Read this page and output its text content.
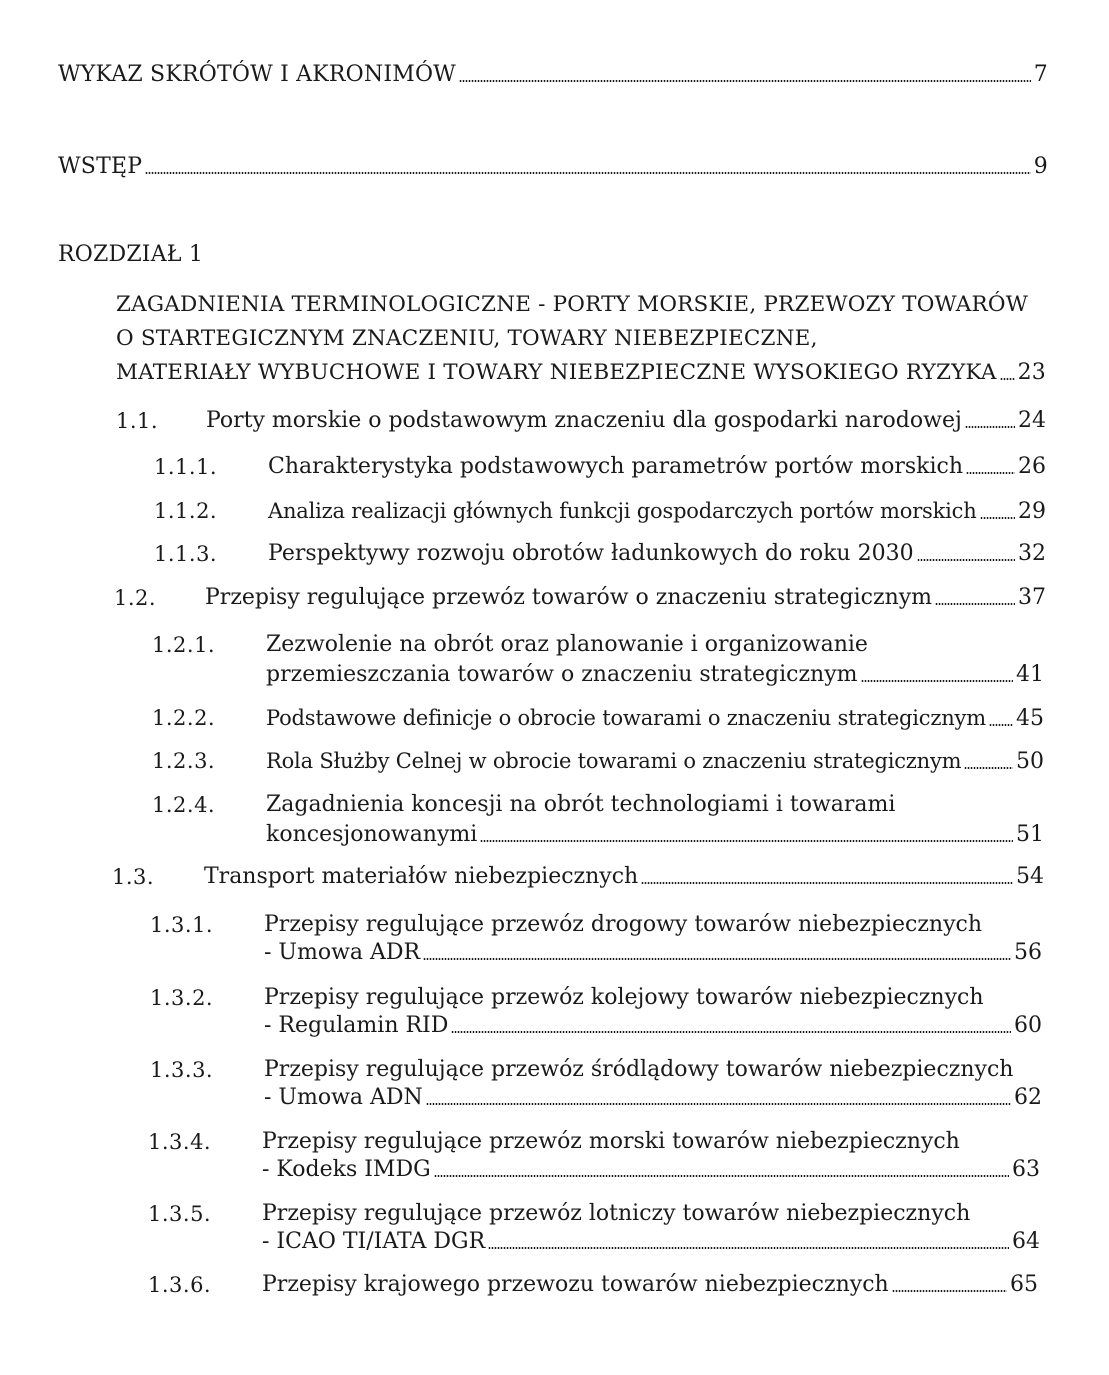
WYKAZ SKRÓTÓW I AKRONIMÓW	7
WSTĘP	9
ROZDZIAŁ 1
ZAGADNIENIA TERMINOLOGICZNE - PORTY MORSKIE, PRZEWOZY TOWARÓW
O STARTEGICZNYM ZNACZENIU, TOWARY NIEBEZPIECZNE,
MATERIAŁY WYBUCHOWE I TOWARY NIEBEZPIECZNE WYSOKIEGO RYZYKA 23
1.1. Porty morskie o podstawowym znaczeniu dla gospodarki narodowej	24
1.1.1. Charakterystyka podstawowych parametrów portów morskich 26
1.1.2. Analiza realizacji głównych funkcji gospodarczych portów morskich 29
1.1.3. Perspektywy rozwoju obrotów ładunkowych do roku 2030	32
1.2. Przepisy regulujące przewóz towarów o znaczeniu strategicznym	37
1.2.1. Zezwolenie na obrót oraz planowanie i organizowanie
przemieszczania towarów o znaczeniu strategicznym	41
1.2.2. Podstawowe definicje o obrocie towarami o znaczeniu strategicznym 45
1.2.3. Rola Służby Celnej w obrocie towarami o znaczeniu strategicznym 50
1.2.4. Zagadnienia koncesji na obrót technologiami i towarami
koncesjonowanymi	51
1.3. Transport materiałów niebezpiecznych	54
1.3.1. Przepisy regulujące przewóz drogowy towarów niebezpiecznych
- Umowa ADR	56
1.3.2. Przepisy regulujące przewóz kolejowy towarów niebezpiecznych
- Regulamin RID	60
1.3.3. Przepisy regulujące przewóz śródlądowy towarów niebezpiecznych
- Umowa ADN	62
1.3.4. Przepisy regulujące przewóz morski towarów niebezpiecznych
- Kodeks IMDG	63
1.3.5. Przepisy regulujące przewóz lotniczy towarów niebezpiecznych
- ICAO TI/IATA DGR	64
1.3.6. Przepisy krajowego przewozu towarów niebezpiecznych	65
